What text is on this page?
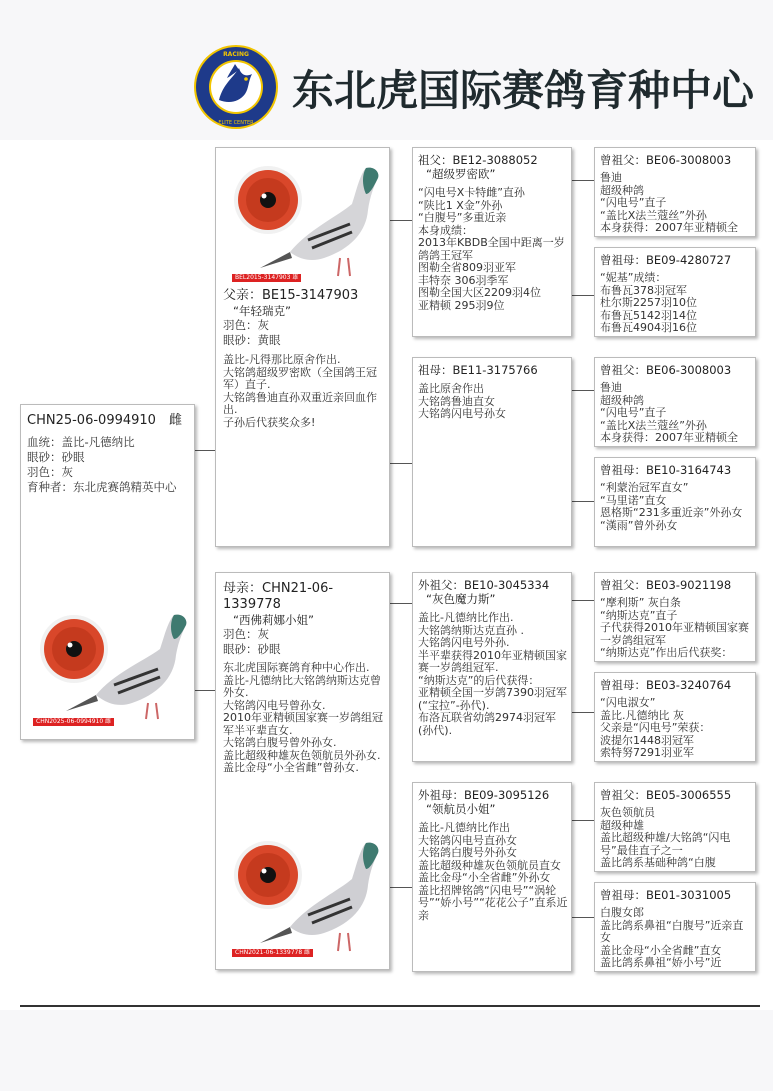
RACING
ELITE CENTER
东北虎国际赛鸽育种中心
CHN25-06-0994910　 雌
血统：盖比-凡德纳比
眼砂：砂眼
羽色：灰
育种者：东北虎赛鸽精英中心
CHN2025-06-0994910 雌
BEL2015-3147903 雄
父亲：BE15-3147903
“年轻瑞克”
羽色：灰
眼砂：黄眼
盖比-凡得那比原舍作出.
大铭鸽超级罗密欧（全国鸽王冠军）直子.
大铭鸽鲁迪直孙双重近亲回血作出.
子孙后代获奖众多!
母亲：CHN21-06-1339778
“西佛莉娜小姐”
羽色：灰
眼砂：砂眼
东北虎国际赛鸽育种中心作出.
盖比-凡德纳比大铭鸽纳斯达克曾外女.
大铭鸽闪电号曾孙女.
2010年亚精顿国家赛一岁鸽组冠军半平辈直女.
大铭鸽白腹号曾外孙女.
盖比超级种雄灰色领航员外孙女.
盖比金母“小全省雌”曾孙女.
CHN2021-06-1339778 雌
祖父：BE12-3088052
“超级罗密欧”
“闪电号X卡特雌”直孙
“陕比1 X金”外孙
“白腹号”多重近亲
本身成绩：
2013年KBDB全国中距离一岁鸽鸽王冠军
图勒全省809羽亚军
丰特奈 306羽季军
图勒全国大区2209羽4位
亚精顿 295羽9位
祖母：BE11-3175766
盖比原舍作出
大铭鸽鲁迪直女
大铭鸽闪电号孙女
外祖父：BE10-3045334
“灰色魔力斯”
盖比-凡德纳比作出.
大铭鸽纳斯达克直孙 .
大铭鸽闪电号外孙.
半平辈获得2010年亚精顿国家赛一岁鸽组冠军.
“纳斯达克”的后代获得：
亚精顿全国一岁鸽7390羽冠军(“宝拉”-孙代).
布洛瓦联省幼鸽2974羽冠军(孙代).
外祖母：BE09-3095126
“领航员小姐”
盖比-凡德纳比作出
大铭鸽闪电号直孙女
大铭鸽白腹号外孙女
盖比超级种雄灰色领航员直女
盖比金母“小全省雌”外孙女
盖比招牌铭鸽“闪电号”“涡轮号”“娇小号”“花花公子”直系近亲
曾祖父：BE06-3008003
鲁迪
超级种鸽
“闪电号”直子
“盖比X法兰蔻丝”外孙
本身获得：2007年亚精顿全
曾祖母：BE09-4280727
“妮基”成绩：
布鲁瓦378羽冠军
杜尔斯2257羽10位
布鲁瓦5142羽14位
布鲁瓦4904羽16位
曾祖父：BE06-3008003
鲁迪
超级种鸽
“闪电号”直子
“盖比X法兰蔻丝”外孙
本身获得：2007年亚精顿全
曾祖母：BE10-3164743
“利蒙治冠军直女”
“马里诺”直女
恩格斯“231多重近亲”外孙女
“漢雨”曾外孙女
曾祖父：BE03-9021198
“摩利斯” 灰白条
“纳斯达克”直子
子代获得2010年亚精顿国家赛一岁鸽组冠军
“纳斯达克”作出后代获奖：
曾祖母：BE03-3240764
“闪电淑女”
盖比.凡德纳比 灰
父亲是“闪电号”荣获：
波提尔1448羽冠军
索特努7291羽亚军
曾祖父：BE05-3006555
灰色领航员
超级种雄
盖比超级种雄/大铭鸽“闪电号”最佳直子之一
盖比鸽系基础种鸽“白腹
曾祖母：BE01-3031005
白腹女郎
盖比鸽系鼻祖“白腹号”近亲直女
盖比金母“小全省雌”直女
盖比鸽系鼻祖“娇小号”近
